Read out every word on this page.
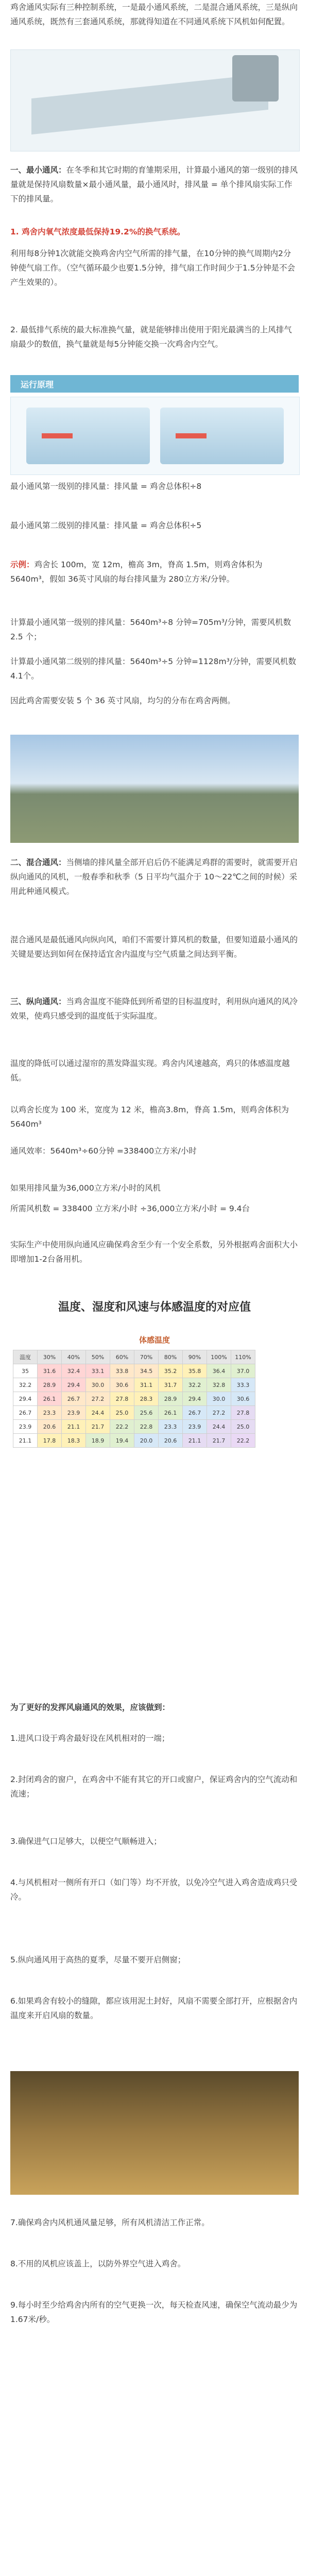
鸡舍通风实际有三种控制系统，一是最小通风系统，二是混合通风系统，三是纵向通风系统，既然有三套通风系统，那就得知道在不同通风系统下风机如何配置。

一、最小通风：在冬季和其它时期的育雏期采用，计算最小通风的第一级别的排风量就是保持风扇数量×最小通风量，最小通风时，排风量 = 单个排风扇实际工作下的排风量。

1. 鸡舍内氧气浓度最低保持19.2%的换气系统。

利用每8分钟1次就能交换鸡舍内空气所需的排气量，在10分钟的换气周期内2分钟使气扇工作。（空气循环最少也要1.5分钟，排气扇工作时间少于1.5分钟是不会产生效果的）。

2. 最低排气系统的最大标准换气量，就是能够排出使用于阳光最满当的上风排气扇最少的数值，换气量就是每5分钟能交换一次鸡舍内空气。

运行原理

最小通风第一级别的排风量：排风量 = 鸡舍总体积÷8

最小通风第二级别的排风量：排风量 = 鸡舍总体积÷5

示例：鸡舍长 100m，宽 12m，檐高 3m，脊高 1.5m，则鸡舍体积为 5640m³，假如 36英寸风扇的每台排风量为 280立方米/分钟。

计算最小通风第一级别的排风量：5640m³÷8 分钟=705m³/分钟，需要风机数 2.5 个；

计算最小通风第二级别的排风量：5640m³÷5 分钟=1128m³/分钟，需要风机数 4.1个。

因此鸡舍需要安装 5 个 36 英寸风扇，均匀的分布在鸡舍两侧。

二、混合通风：当侧墙的排风量全部开启后仍不能满足鸡群的需要时，就需要开启纵向通风的风机，一般春季和秋季（5 日平均气温介于 10～22℃之间的时候）采用此种通风模式。

混合通风是最低通风向纵向风，咱们不需要计算风机的数量，但要知道最小通风的关键是要达到如何在保持适宜舍内温度与空气质量之间达到平衡。

三、纵向通风：当鸡舍温度不能降低到所希望的目标温度时，利用纵向通风的风冷效果，使鸡只感受到的温度低于实际温度。

温度的降低可以通过湿帘的蒸发降温实现。鸡舍内风速越高，鸡只的体感温度越低。

以鸡舍长度为 100 米，宽度为 12 米，檐高3.8m，脊高 1.5m，则鸡舍体积为 5640m³

通风效率：5640m³÷60分钟 =338400立方米/小时

如果用排风量为36,000立方米/小时的风机

所需风机数 = 338400 立方米/小时 ÷36,000立方米/小时 = 9.4台

实际生产中使用纵向通风应确保鸡舍至少有一个安全系数，另外根据鸡舍面积大小即增加1-2台备用机。

温度、湿度和风速与体感温度的对应值
体感温度
温度	30%	40%	50%	60%	70%	80%	90%	100%	110%
35	31.6	32.4	33.1	33.8	34.5	35.2	35.8	36.4	37.0
32.2	28.9	29.4	30.0	30.6	31.1	31.7	32.2	32.8	33.3
29.4	26.1	26.7	27.2	27.8	28.3	28.9	29.4	30.0	30.6
26.7	23.3	23.9	24.4	25.0	25.6	26.1	26.7	27.2	27.8
23.9	20.6	21.1	21.7	22.2	22.8	23.3	23.9	24.4	25.0
21.1	17.8	18.3	18.9	19.4	20.0	20.6	21.1	21.7	22.2

为了更好的发挥风扇通风的效果，应该做到：

1.进风口设于鸡舍最好设在风机相对的一端；

2.封闭鸡舍的窗户，在鸡舍中不能有其它的开口或窗户，保证鸡舍内的空气流动和流速；

3.确保进气口足够大，以便空气顺畅进入；

4.与风机相对一侧所有开口（如门等）均不开放，以免冷空气进入鸡舍造成鸡只受冷。

5.纵向通风用于高热的夏季，尽量不要开启侧窗；

6.如果鸡舍有较小的缝隙，都应该用泥土封好，风扇不需要全部打开，应根据舍内温度来开启风扇的数量。

7.确保鸡舍内风机通风量足够，所有风机清洁工作正常。

8.不用的风机应该盖上，以防外界空气进入鸡舍。

9.每小时至少给鸡舍内所有的空气更换一次，每天检查风速，确保空气流动最少为1.67米/秒。
